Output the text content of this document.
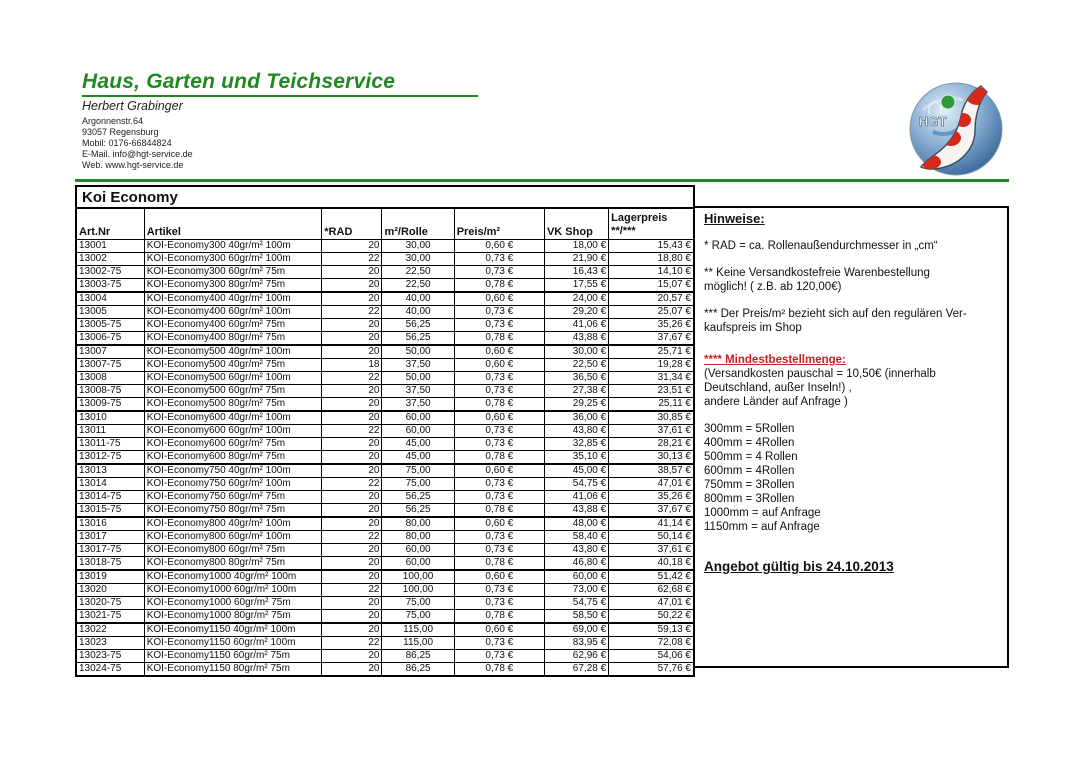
Haus, Garten und Teichservice
Herbert Grabinger
Argonnenstr.64
93057 Regensburg
Mobil: 0176-66844824
E-Mail. info@hgt-service.de
Web. www.hgt-service.de
HGT
Koi Economy
Art.Nr	Artikel	*RAD	m²/Rolle	Preis/m²	VK Shop	Lagerpreis
**/***

13001	KOI-Economy300 40gr/m² 100m	20	30,00	0,60 €	18,00 €	15,43 €
13002	KOI-Economy300 60gr/m² 100m	22	30,00	0,73 €	21,90 €	18,80 €
13002-75	KOI-Economy300 60gr/m² 75m	20	22,50	0,73 €	16,43 €	14,10 €
13003-75	KOI-Economy300 80gr/m² 75m	20	22,50	0,78 €	17,55 €	15,07 €
13004	KOI-Economy400 40gr/m² 100m	20	40,00	0,60 €	24,00 €	20,57 €
13005	KOI-Economy400 60gr/m² 100m	22	40,00	0,73 €	29,20 €	25,07 €
13005-75	KOI-Economy400 60gr/m² 75m	20	56,25	0,73 €	41,06 €	35,26 €
13006-75	KOI-Economy400 80gr/m² 75m	20	56,25	0,78 €	43,88 €	37,67 €
13007	KOI-Economy500 40gr/m² 100m	20	50,00	0,60 €	30,00 €	25,71 €
13007-75	KOI-Economy500 40gr/m² 75m	18	37,50	0,60 €	22,50 €	19,28 €
13008	KOI-Economy500 60gr/m² 100m	22	50,00	0,73 €	36,50 €	31,34 €
13008-75	KOI-Economy500 60gr/m² 75m	20	37,50	0,73 €	27,38 €	23,51 €
13009-75	KOI-Economy500 80gr/m² 75m	20	37,50	0,78 €	29,25 €	25,11 €
13010	KOI-Economy600 40gr/m² 100m	20	60,00	0,60 €	36,00 €	30,85 €
13011	KOI-Economy600 60gr/m² 100m	22	60,00	0,73 €	43,80 €	37,61 €
13011-75	KOI-Economy600 60gr/m² 75m	20	45,00	0,73 €	32,85 €	28,21 €
13012-75	KOI-Economy600 80gr/m² 75m	20	45,00	0,78 €	35,10 €	30,13 €
13013	KOI-Economy750 40gr/m² 100m	20	75,00	0,60 €	45,00 €	38,57 €
13014	KOI-Economy750 60gr/m² 100m	22	75,00	0,73 €	54,75 €	47,01 €
13014-75	KOI-Economy750 60gr/m² 75m	20	56,25	0,73 €	41,06 €	35,26 €
13015-75	KOI-Economy750 80gr/m² 75m	20	56,25	0,78 €	43,88 €	37,67 €
13016	KOI-Economy800 40gr/m² 100m	20	80,00	0,60 €	48,00 €	41,14 €
13017	KOI-Economy800 60gr/m² 100m	22	80,00	0,73 €	58,40 €	50,14 €
13017-75	KOI-Economy800 60gr/m² 75m	20	60,00	0,73 €	43,80 €	37,61 €
13018-75	KOI-Economy800 80gr/m² 75m	20	60,00	0,78 €	46,80 €	40,18 €
13019	KOI-Economy1000 40gr/m² 100m	20	100,00	0,60 €	60,00 €	51,42 €
13020	KOI-Economy1000 60gr/m² 100m	22	100,00	0,73 €	73,00 €	62,68 €
13020-75	KOI-Economy1000 60gr/m² 75m	20	75,00	0,73 €	54,75 €	47,01 €
13021-75	KOI-Economy1000 80gr/m² 75m	20	75,00	0,78 €	58,50 €	50,22 €
13022	KOI-Economy1150 40gr/m² 100m	20	115,00	0,60 €	69,00 €	59,13 €
13023	KOI-Economy1150 60gr/m² 100m	22	115,00	0,73 €	83,95 €	72,08 €
13023-75	KOI-Economy1150 60gr/m² 75m	20	86,25	0,73 €	62,96 €	54,06 €
13024-75	KOI-Economy1150 80gr/m² 75m	20	86,25	0,78 €	67,28 €	57,76 €
Hinweise:
* RAD = ca. Rollenaußendurchmesser in „cm“
** Keine Versandkostefreie Warenbestellung
möglich! ( z.B. ab 120,00€)
*** Der Preis/m² bezieht sich auf den regulären Ver-
kaufspreis im Shop
**** Mindestbestellmenge:
(Versandkosten pauschal = 10,50€ (innerhalb
Deutschland, außer Inseln!) ,
andere Länder auf Anfrage )
300mm = 5Rollen
400mm = 4Rollen
500mm = 4 Rollen
600mm = 4Rollen
750mm = 3Rollen
800mm = 3Rollen
1000mm = auf Anfrage
1150mm = auf Anfrage
Angebot gültig bis 24.10.2013
